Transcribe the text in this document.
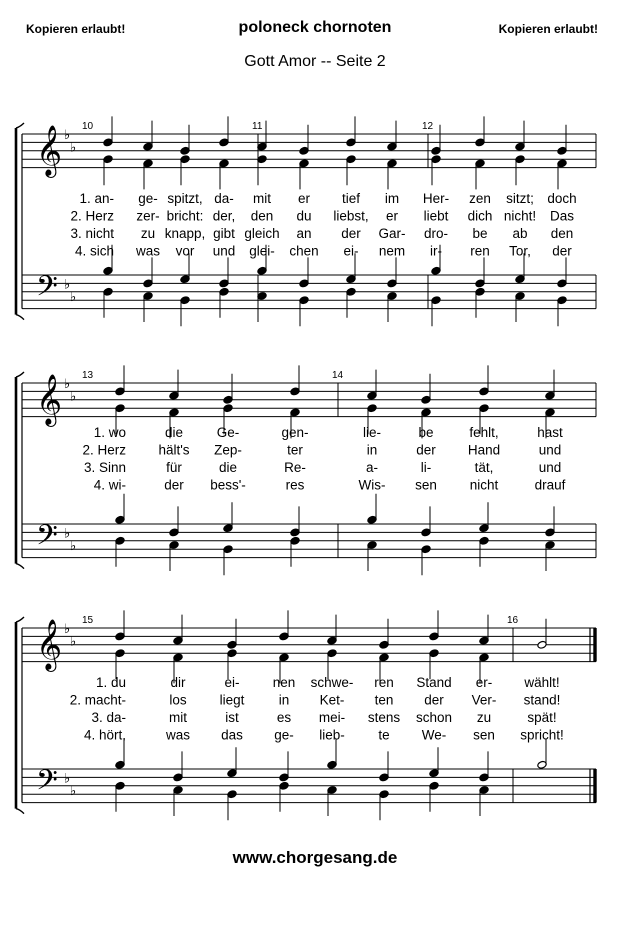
Kopieren erlaubt!	poloneck chornoten	Kopieren erlaubt!
Gott Amor -- Seite 2
𝄞
𝄢
♭
♭
♭
♭
10	11	12
1. an- ge- spitzt, da- mit er tief im Her- zen sitzt; doch
2. Herz zer- bricht: der, den du liebst, er liebt dich nicht! Das
3. nicht zu knapp, gibt gleich an der Gar- dro- be ab den
4. sich was vor und glei- chen ei- nem ir- ren Tor, der
𝄞
𝄢
♭
♭
♭
♭
13	14
1. wo	die Ge-	gen-	lie-	be	fehlt,	hast
2. Herz hält's Zep-	ter	in	der Hand	und
3. Sinn	für	die	Re-	a-	li-	tät,	und
4. wi-	der bess'-	res	Wis- sen nicht	drauf
𝄞
𝄢
♭
♭
♭
♭
15	16
1. du	dir	ei- nen schwe- ren Stand er- wählt!
2. macht-	los liegt	in Ket- ten der Ver- stand!
3. da-	mit	ist	es mei- stens schon zu	spät!
4. hört,	was das ge- lieb- te We- sen spricht!
www.chorgesang.de
